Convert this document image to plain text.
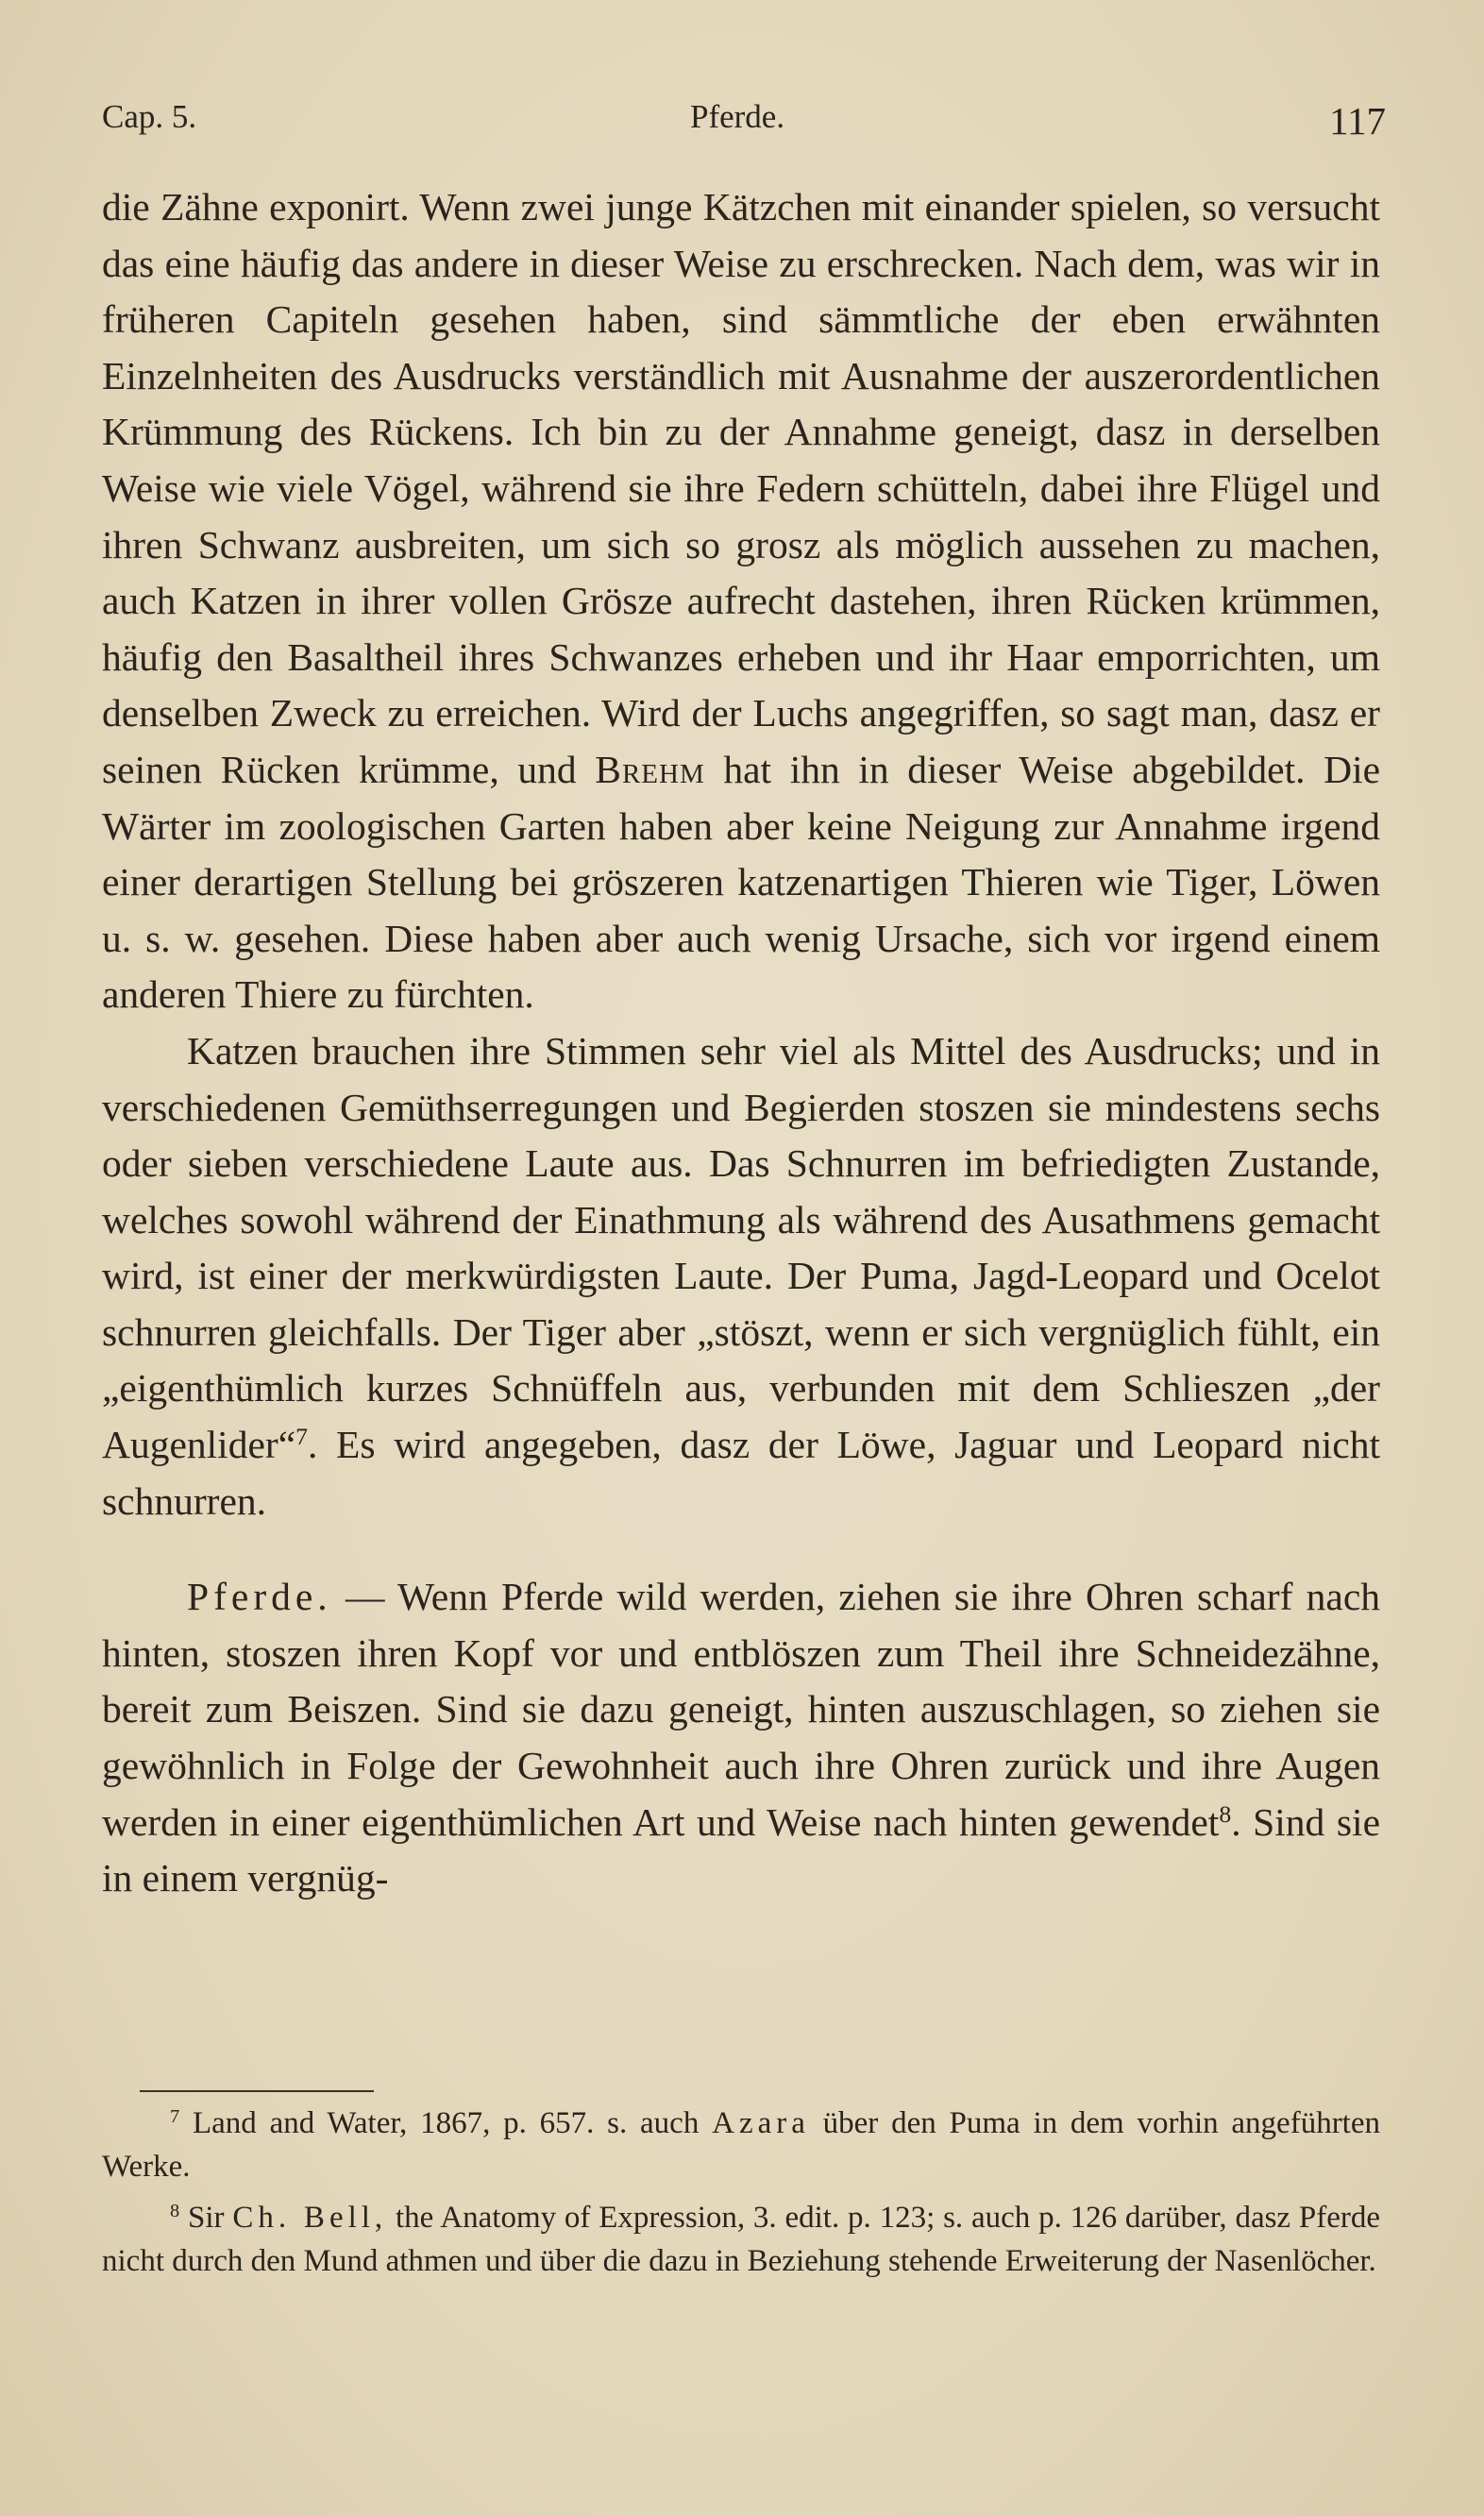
Cap. 5.	Pferde.	117

die Zähne exponirt. Wenn zwei junge Kätzchen mit einander spielen, so versucht das eine häufig das andere in dieser Weise zu erschrecken. Nach dem, was wir in früheren Capiteln gesehen haben, sind sämmtliche der eben erwähnten Einzelnheiten des Ausdrucks verständlich mit Ausnahme der auszerordentlichen Krümmung des Rückens. Ich bin zu der Annahme geneigt, dasz in derselben Weise wie viele Vögel, während sie ihre Federn schütteln, dabei ihre Flügel und ihren Schwanz ausbreiten, um sich so grosz als möglich aussehen zu machen, auch Katzen in ihrer vollen Grösze aufrecht dastehen, ihren Rücken krümmen, häufig den Basaltheil ihres Schwanzes erheben und ihr Haar emporrichten, um denselben Zweck zu erreichen. Wird der Luchs angegriffen, so sagt man, dasz er seinen Rücken krümme, und Brehm hat ihn in dieser Weise abgebildet. Die Wärter im zoologischen Garten haben aber keine Neigung zur Annahme irgend einer derartigen Stellung bei gröszeren katzenartigen Thieren wie Tiger, Löwen u. s. w. gesehen. Diese haben aber auch wenig Ursache, sich vor irgend einem anderen Thiere zu fürchten.

Katzen brauchen ihre Stimmen sehr viel als Mittel des Ausdrucks; und in verschiedenen Gemüthserregungen und Begierden stoszen sie mindestens sechs oder sieben verschiedene Laute aus. Das Schnurren im befriedigten Zustande, welches sowohl während der Einathmung als während des Ausathmens gemacht wird, ist einer der merkwürdigsten Laute. Der Puma, Jagd-Leopard und Ocelot schnurren gleichfalls. Der Tiger aber „stöszt, wenn er sich vergnüglich fühlt, ein „eigenthümlich kurzes Schnüffeln aus, verbunden mit dem Schlieszen „der Augenlider“$^7$. Es wird angegeben, dasz der Löwe, Jaguar und Leopard nicht schnurren.

Pferde. — Wenn Pferde wild werden, ziehen sie ihre Ohren scharf nach hinten, stoszen ihren Kopf vor und entblöszen zum Theil ihre Schneidezähne, bereit zum Beiszen. Sind sie dazu geneigt, hinten auszuschlagen, so ziehen sie gewöhnlich in Folge der Gewohnheit auch ihre Ohren zurück und ihre Augen werden in einer eigenthümlichen Art und Weise nach hinten gewendet$^8$. Sind sie in einem vergnüg-

$^7$ Land and Water, 1867, p. 657. s. auch Azara über den Puma in dem vorhin angeführten Werke.

$^8$ Sir Ch. Bell, the Anatomy of Expression, 3. edit. p. 123; s. auch p. 126 darüber, dasz Pferde nicht durch den Mund athmen und über die dazu in Beziehung stehende Erweiterung der Nasenlöcher.
